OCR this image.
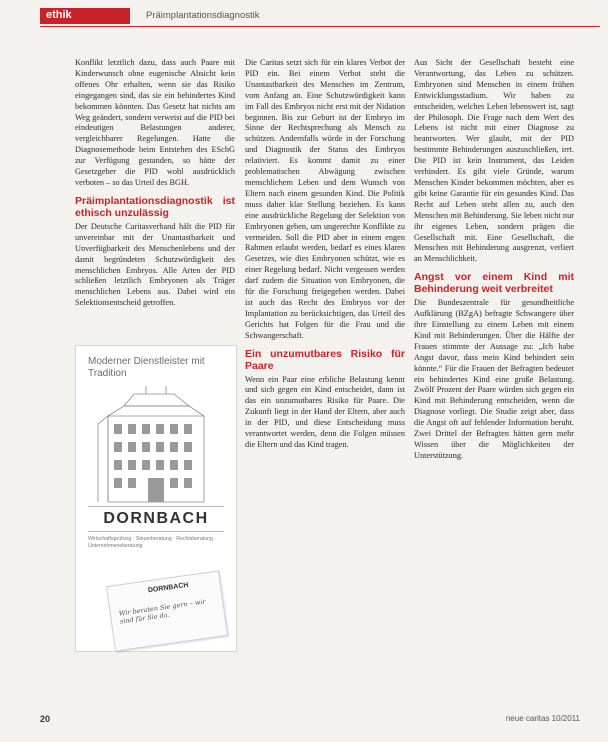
ethik	Präimplantationsdiagnostik

Konflikt letztlich dazu, dass auch Paare mit Kinderwunsch ohne eugenische Absicht kein offenes Ohr erhalten, wenn sie das Risiko eingegangen sind, das sie ein behindertes Kind bekommen könnten. Das Gesetz hat nichts am Weg geändert, sondern verweist auf die PID bei eindeutigen Belastungen anderer, vergleichbarer Regelungen. Hatte die Diagnosemethode beim Entstehen des ESchG zur Verfügung gestanden, so hätte der Gesetzgeber die PID wohl ausdrücklich verboten – so das Urteil des BGH.

Präimplantationsdiagnostik ist ethisch unzulässig

Der Deutsche Caritasverband hält die PID für unvereinbar mit der Unantastbarkeit und Unverfügbarkeit des Menschenlebens und der damit begründeten Schutzwürdigkeit des menschlichen Embryos. Alle Arten der PID schließen letztlich Embryonen als Träger menschlichen Lebens aus. Dabei wird ein Selektionsentscheid getroffen.

Die Caritas setzt sich für ein klares Verbot der PID ein. Bei einem Verbot steht die Unantastbarkeit des Menschen im Zentrum, vom Anfang an. Eine Schutzwürdigkeit kann im Fall des Embryos nicht erst mit der Nidation beginnen. Bis zur Geburt ist der Embryo im Sinne der Rechtsprechung als Mensch zu schützen. Andernfalls würde in der Forschung und Diagnostik der Status des Embryos relativiert. Es kommt damit zu einer problematischen Abwägung zwischen menschlichem Leben und dem Wunsch von Eltern nach einem gesunden Kind. Die Politik muss daher klar Stellung beziehen. Es kann eine ausdrückliche Regelung der Selektion von Embryonen geben, um ungerechte Konflikte zu vermeiden. Soll die PID aber in einem engen Rahmen erlaubt werden, bedarf es eines klaren Gesetzes, wie dies Embryonen schützt, wie es einer Regelung bedarf. Nicht vergessen werden darf zudem die Situation von Embryonen, die für die Forschung freigegeben werden. Dabei ist auch das Recht des Embryos vor der Implantation zu berücksichtigen, das Urteil des Gerichts hat Folgen für die Frau und die Schwangerschaft.

Ein unzumutbares Risiko für Paare

Wenn ein Paar eine erbliche Belastung kennt und sich gegen ein Kind entscheidet, dann ist das ein unzumutbares Risiko für Paare. Die Zukunft liegt in der Hand der Eltern, aber auch in der PID, und diese Entscheidung muss verantwortet werden, denn die Folgen müssen die Eltern und das Kind tragen.

Aus Sicht der Gesellschaft besteht eine Verantwortung, das Leben zu schützen. Embryonen sind Menschen in einem frühen Entwicklungsstadium. Wir haben zu entscheiden, welches Leben lebenswert ist, sagt der Philosoph. Die Frage nach dem Wert des Lebens ist nicht mit einer Diagnose zu beantworten. Wer glaubt, mit der PID bestimmte Behinderungen auszuschließen, irrt. Die PID ist kein Instrument, das Leiden verhindert. Es gibt viele Gründe, warum Menschen Kinder bekommen möchten, aber es gibt keine Garantie für ein gesundes Kind. Das Recht auf Leben steht allen zu, auch den Menschen mit Behinderung. Sie leben nicht nur ihr eigenes Leben, sondern prägen die Gesellschaft mit. Eine Gesellschaft, die Menschen mit Behinderung ausgrenzt, verliert an Menschlichkeit.

Angst vor einem Kind mit Behinderung weit verbreitet

Die Bundeszentrale für gesundheitliche Aufklärung (BZgA) befragte Schwangere über ihre Einstellung zu einem Leben mit einem Kind mit Behinderungen. Über die Hälfte der Frauen stimmte der Aussage zu: „Ich habe Angst davor, dass mein Kind behindert sein könnte.“ Für die Frauen der Befragten bedeutet ein behindertes Kind eine große Belastung. Zwölf Prozent der Paare würden sich gegen ein Kind mit Behinderung entscheiden, wenn die Diagnose vorliegt. Die Studie zeigt aber, dass die Angst oft auf fehlender Information beruht. Zwei Drittel der Befragten hätten gern mehr Wissen über die Möglichkeiten der Unterstützung.

Moderner Dienstleister mit Tradition
DORNBACH
Wirtschaftsprüfung · Steuerberatung · Rechtsberatung · Unternehmensberatung
DORNBACH
Wir beraten Sie gern – wir sind für Sie da.
20	neue caritas 10/2011
